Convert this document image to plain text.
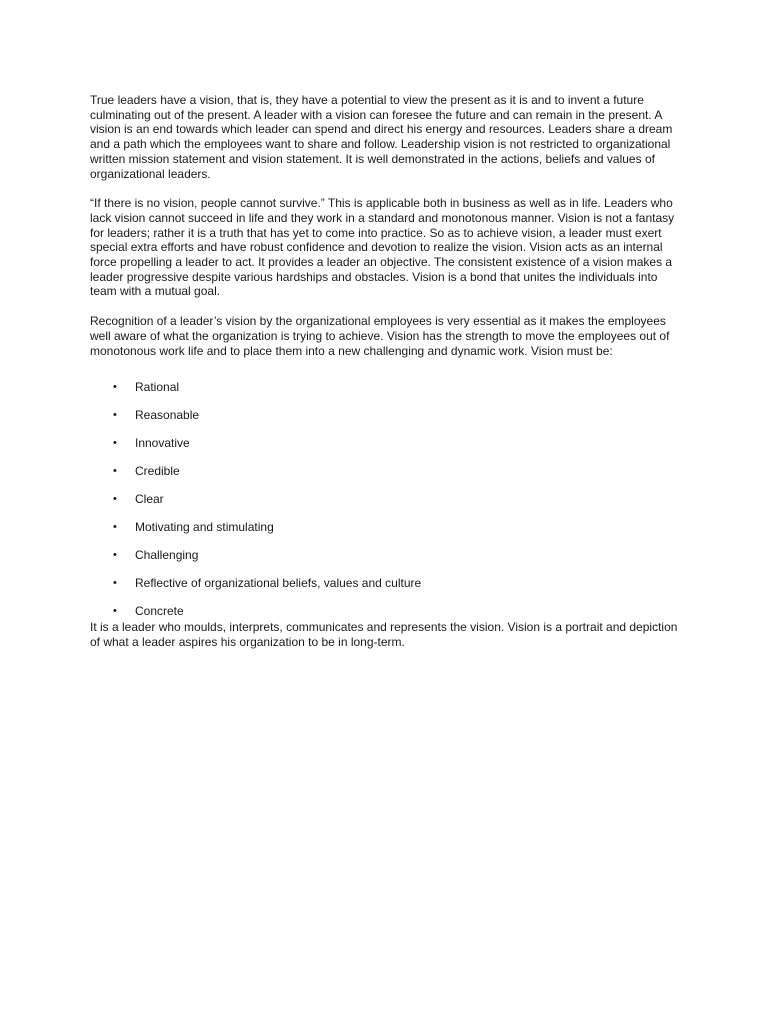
True leaders have a vision, that is, they have a potential to view the present as it is and to invent a future culminating out of the present. A leader with a vision can foresee the future and can remain in the present. A vision is an end towards which leader can spend and direct his energy and resources. Leaders share a dream and a path which the employees want to share and follow. Leadership vision is not restricted to organizational written mission statement and vision statement. It is well demonstrated in the actions, beliefs and values of organizational leaders.

“If there is no vision, people cannot survive.” This is applicable both in business as well as in life. Leaders who lack vision cannot succeed in life and they work in a standard and monotonous manner. Vision is not a fantasy for leaders; rather it is a truth that has yet to come into practice. So as to achieve vision, a leader must exert special extra efforts and have robust confidence and devotion to realize the vision. Vision acts as an internal force propelling a leader to act. It provides a leader an objective. The consistent existence of a vision makes a leader progressive despite various hardships and obstacles. Vision is a bond that unites the individuals into team with a mutual goal.

Recognition of a leader’s vision by the organizational employees is very essential as it makes the employees well aware of what the organization is trying to achieve. Vision has the strength to move the employees out of monotonous work life and to place them into a new challenging and dynamic work. Vision must be:

• Rational
• Reasonable
• Innovative
• Credible
• Clear
• Motivating and stimulating
• Challenging
• Reflective of organizational beliefs, values and culture
• Concrete

It is a leader who moulds, interprets, communicates and represents the vision. Vision is a portrait and depiction of what a leader aspires his organization to be in long-term.
